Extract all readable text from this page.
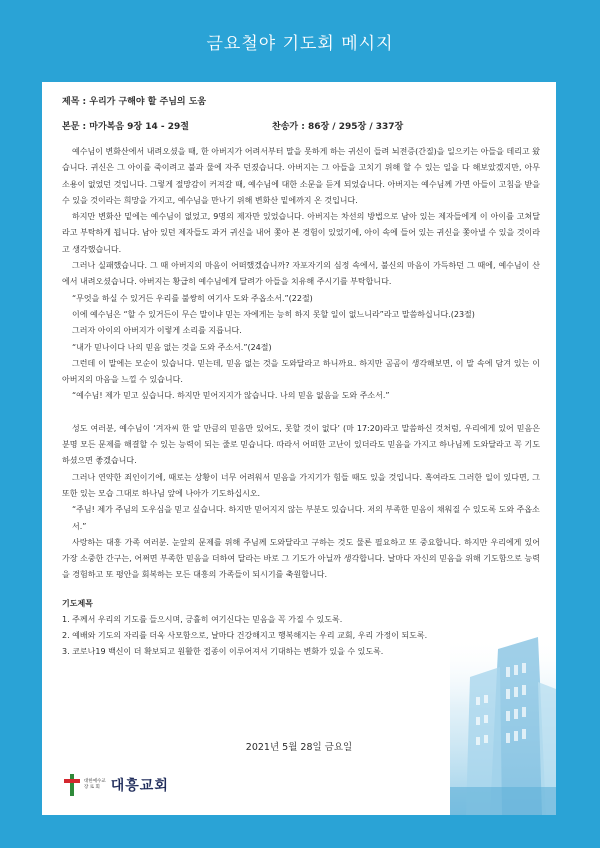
금요철야 기도회 메시지
제목 : 우리가 구해야 할 주님의 도움
본문 : 마가복음 9장 14 - 29절	찬송가 : 86장 / 295장 / 337장

예수님이 변화산에서 내려오셨을 때, 한 아버지가 어려서부터 말을 못하게 하는 귀신이 들려 뇌전증(간질)을 일으키는 아들을 데리고 왔습니다. 귀신은 그 아이를 죽이려고 불과 물에 자주 던졌습니다. 아버지는 그 아들을 고치기 위해 할 수 있는 일을 다 해보았겠지만, 아무 소용이 없었던 것입니다. 그렇게 절망감이 커져갈 때, 예수님에 대한 소문을 듣게 되었습니다. 아버지는 예수님께 가면 아들이 고침을 받을 수 있을 것이라는 희망을 가지고, 예수님을 만나기 위해 변화산 밑에까지 온 것입니다.

하지만 변화산 밑에는 예수님이 없었고, 9명의 제자만 있었습니다. 아버지는 차선의 방법으로 남아 있는 제자들에게 이 아이를 고쳐달라고 부탁하게 됩니다. 남아 있던 제자들도 과거 귀신을 내어 쫓아 본 경험이 있었기에, 아이 속에 들어 있는 귀신을 쫓아낼 수 있을 것이라고 생각했습니다.

그러나 실패했습니다. 그 때 아버지의 마음이 어떠했겠습니까? 자포자기의 심정 속에서, 불신의 마음이 가득하던 그 때에, 예수님이 산에서 내려오셨습니다. 아버지는 황급히 예수님에게 달려가 아들을 치유해 주시기를 부탁합니다.

“무엇을 하실 수 있거든 우리를 불쌍히 여기사 도와 주옵소서.”(22절)

이에 예수님은 “할 수 있거든이 무슨 말이냐 믿는 자에게는 능히 하지 못할 일이 없느니라”라고 말씀하십니다.(23절)

그러자 아이의 아버지가 이렇게 소리를 지릅니다.

“내가 믿나이다 나의 믿음 없는 것을 도와 주소서.”(24절)

그런데 이 말에는 모순이 있습니다. 믿는데, 믿음 없는 것을 도와달라고 하니까요. 하지만 곰곰이 생각해보면, 이 말 속에 담겨 있는 이 아버지의 마음을 느낄 수 있습니다.

“예수님! 제가 믿고 싶습니다. 하지만 믿어지지가 않습니다. 나의 믿음 없음을 도와 주소서.”

성도 여러분, 예수님이 ‘겨자씨 한 알 만큼의 믿음만 있어도, 못할 것이 없다’ (마 17:20)라고 말씀하신 것처럼, 우리에게 있어 믿음은 분명 모든 문제를 해결할 수 있는 능력이 되는 줄로 믿습니다. 따라서 어떠한 고난이 있더라도 믿음을 가지고 하나님께 도와달라고 꼭 기도하셨으면 좋겠습니다.

그러나 연약한 죄인이기에, 때로는 상황이 너무 어려워서 믿음을 가지기가 힘들 때도 있을 것입니다. 혹여라도 그러한 일이 있다면, 그 또한 있는 모습 그대로 하나님 앞에 나아가 기도하십시오.

“주님! 제가 주님의 도우심을 믿고 싶습니다. 하지만 믿어지지 않는 부분도 있습니다. 저의 부족한 믿음이 채워질 수 있도록 도와 주옵소서.”

사랑하는 대흥 가족 여러분. 눈앞의 문제를 위해 주님께 도와달라고 구하는 것도 물론 필요하고 또 중요합니다. 하지만 우리에게 있어 가장 소중한 간구는, 어쩌면 부족한 믿음을 더하여 달라는 바로 그 기도가 아닐까 생각합니다. 날마다 자신의 믿음을 위해 기도함으로 능력을 경험하고 또 평안을 회복하는 모든 대흥의 가족들이 되시기를 축원합니다.

기도제목
1. 주께서 우리의 기도를 들으시며, 긍휼히 여기신다는 믿음을 꼭 가질 수 있도록.
2. 예배와 기도의 자리를 더욱 사모함으로, 날마다 건강해지고 행복해지는 우리 교회, 우리 가정이 되도록.
3. 코로나19 백신이 더 확보되고 원활한 접종이 이루어져서 기대하는 변화가 있을 수 있도록.
2021년 5월 28일 금요일
대한예수교
장 로 회 대흥교회
